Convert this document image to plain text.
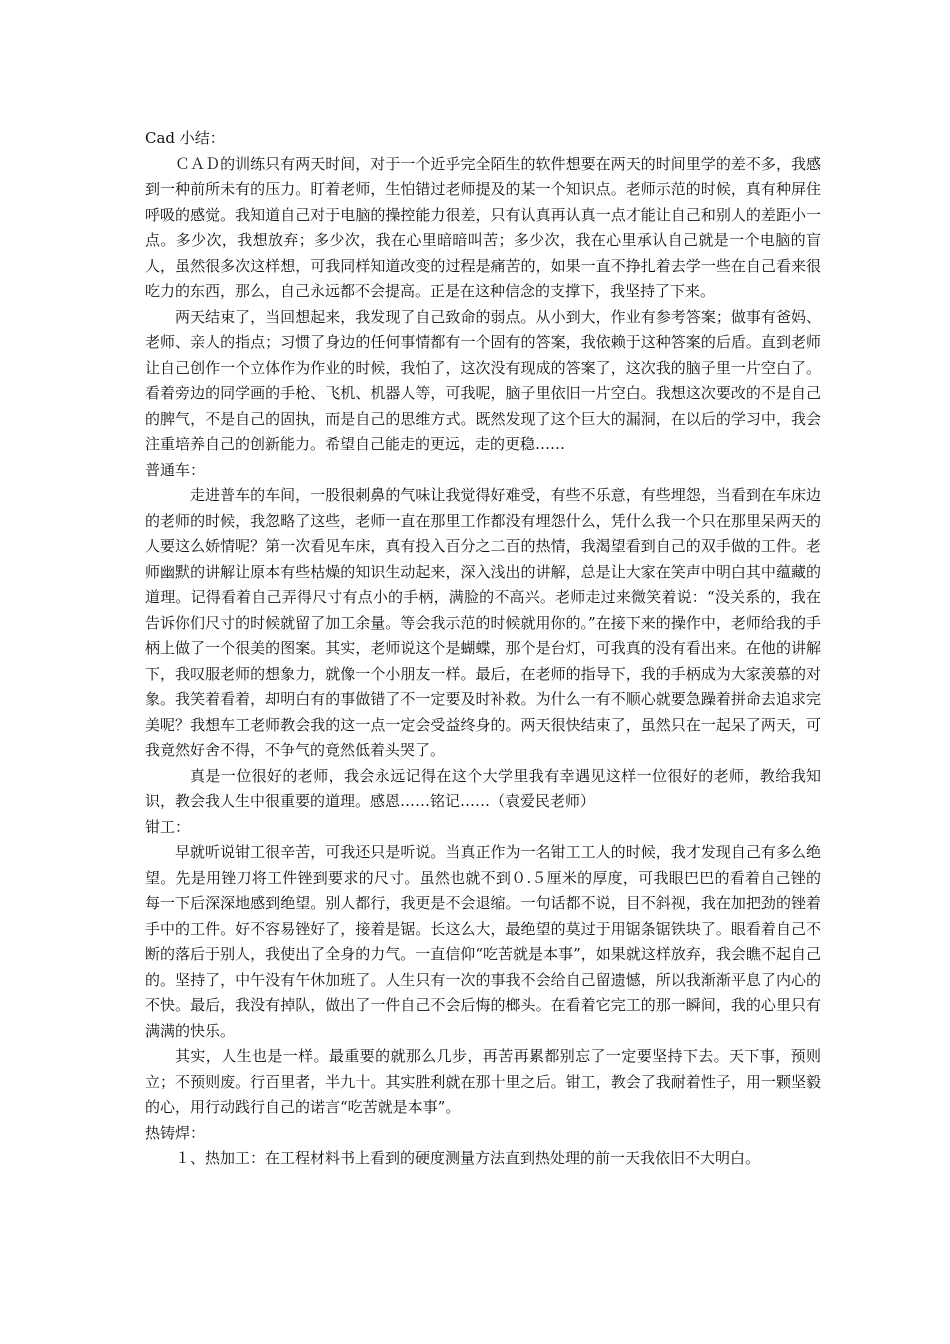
Cad 小结：

ＣＡＤ的训练只有两天时间，对于一个近乎完全陌生的软件想要在两天的时间里学的差不多，我感到一种前所未有的压力。盯着老师，生怕错过老师提及的某一个知识点。老师示范的时候，真有种屏住呼吸的感觉。我知道自己对于电脑的操控能力很差，只有认真再认真一点才能让自己和别人的差距小一点。多少次，我想放弃；多少次，我在心里暗暗叫苦；多少次，我在心里承认自己就是一个电脑的盲人，虽然很多次这样想，可我同样知道改变的过程是痛苦的，如果一直不挣扎着去学一些在自己看来很吃力的东西，那么，自己永远都不会提高。正是在这种信念的支撑下，我坚持了下来。

两天结束了，当回想起来，我发现了自己致命的弱点。从小到大，作业有参考答案；做事有爸妈、老师、亲人的指点；习惯了身边的任何事情都有一个固有的答案，我依赖于这种答案的后盾。直到老师让自己创作一个立体作为作业的时候，我怕了，这次没有现成的答案了，这次我的脑子里一片空白了。看着旁边的同学画的手枪、飞机、机器人等，可我呢，脑子里依旧一片空白。我想这次要改的不是自己的脾气，不是自己的固执，而是自己的思维方式。既然发现了这个巨大的漏洞，在以后的学习中，我会注重培养自己的创新能力。希望自己能走的更远，走的更稳……

普通车：

走进普车的车间，一股很刺鼻的气味让我觉得好难受，有些不乐意，有些埋怨，当看到在车床边的老师的时候，我忽略了这些，老师一直在那里工作都没有埋怨什么，凭什么我一个只在那里呆两天的人要这么娇情呢？第一次看见车床，真有投入百分之二百的热情，我渴望看到自己的双手做的工件。老师幽默的讲解让原本有些枯燥的知识生动起来，深入浅出的讲解，总是让大家在笑声中明白其中蕴藏的道理。记得看着自己弄得尺寸有点小的手柄，满脸的不高兴。老师走过来微笑着说：“没关系的，我在告诉你们尺寸的时候就留了加工余量。等会我示范的时候就用你的。”在接下来的操作中，老师给我的手柄上做了一个很美的图案。其实，老师说这个是蝴蝶，那个是台灯，可我真的没有看出来。在他的讲解下，我叹服老师的想象力，就像一个小朋友一样。最后，在老师的指导下，我的手柄成为大家羡慕的对象。我笑着看着，却明白有的事做错了不一定要及时补救。为什么一有不顺心就要急躁着拼命去追求完美呢？我想车工老师教会我的这一点一定会受益终身的。两天很快结束了，虽然只在一起呆了两天，可我竟然好舍不得，不争气的竟然低着头哭了。

真是一位很好的老师，我会永远记得在这个大学里我有幸遇见这样一位很好的老师，教给我知识，教会我人生中很重要的道理。感恩……铭记……（袁爱民老师）

钳工：

早就听说钳工很辛苦，可我还只是听说。当真正作为一名钳工工人的时候，我才发现自己有多么绝望。先是用锉刀将工件锉到要求的尺寸。虽然也就不到０.５厘米的厚度，可我眼巴巴的看着自己锉的每一下后深深地感到绝望。别人都行，我更是不会退缩。一句话都不说，目不斜视，我在加把劲的锉着手中的工件。好不容易锉好了，接着是锯。长这么大，最绝望的莫过于用锯条锯铁块了。眼看着自己不断的落后于别人，我使出了全身的力气。一直信仰“吃苦就是本事”，如果就这样放弃，我会瞧不起自己的。坚持了，中午没有午休加班了。人生只有一次的事我不会给自己留遗憾，所以我渐渐平息了内心的不快。最后，我没有掉队，做出了一件自己不会后悔的榔头。在看着它完工的那一瞬间，我的心里只有满满的快乐。

其实，人生也是一样。最重要的就那么几步，再苦再累都别忘了一定要坚持下去。天下事，预则立；不预则废。行百里者，半九十。其实胜利就在那十里之后。钳工，教会了我耐着性子，用一颗坚毅的心，用行动践行自己的诺言“吃苦就是本事”。

热铸焊：

１、热加工：在工程材料书上看到的硬度测量方法直到热处理的前一天我依旧不大明白。
